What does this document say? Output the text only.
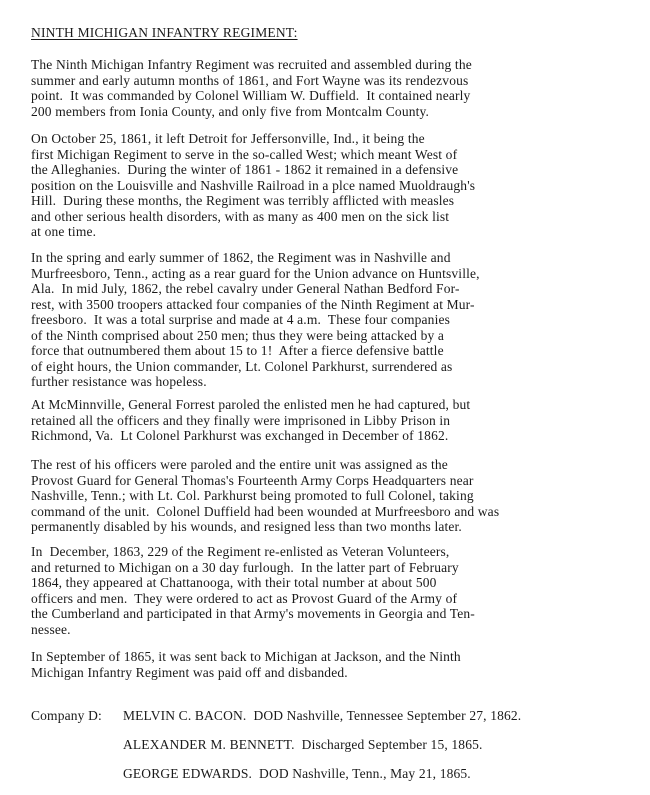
NINTH MICHIGAN INFANTRY REGIMENT:

The Ninth Michigan Infantry Regiment was recruited and assembled during the
summer and early autumn months of 1861, and Fort Wayne was its rendezvous
point.  It was commanded by Colonel William W. Duffield.  It contained nearly
200 members from Ionia County, and only five from Montcalm County.

On October 25, 1861, it left Detroit for Jeffersonville, Ind., it being the
first Michigan Regiment to serve in the so-called West; which meant West of
the Alleghanies.  During the winter of 1861 - 1862 it remained in a defensive
position on the Louisville and Nashville Railroad in a plce named Muoldraugh's
Hill.  During these months, the Regiment was terribly afflicted with measles
and other serious health disorders, with as many as 400 men on the sick list
at one time.

In the spring and early summer of 1862, the Regiment was in Nashville and
Murfreesboro, Tenn., acting as a rear guard for the Union advance on Huntsville,
Ala.  In mid July, 1862, the rebel cavalry under General Nathan Bedford For-
rest, with 3500 troopers attacked four companies of the Ninth Regiment at Mur-
freesboro.  It was a total surprise and made at 4 a.m.  These four companies
of the Ninth comprised about 250 men; thus they were being attacked by a
force that outnumbered them about 15 to 1!  After a fierce defensive battle
of eight hours, the Union commander, Lt. Colonel Parkhurst, surrendered as
further resistance was hopeless.

At McMinnville, General Forrest paroled the enlisted men he had captured, but
retained all the officers and they finally were imprisoned in Libby Prison in
Richmond, Va.  Lt Colonel Parkhurst was exchanged in December of 1862.

The rest of his officers were paroled and the entire unit was assigned as the
Provost Guard for General Thomas's Fourteenth Army Corps Headquarters near
Nashville, Tenn.; with Lt. Col. Parkhurst being promoted to full Colonel, taking
command of the unit.  Colonel Duffield had been wounded at Murfreesboro and was
permanently disabled by his wounds, and resigned less than two months later.

In  December, 1863, 229 of the Regiment re-enlisted as Veteran Volunteers,
and returned to Michigan on a 30 day furlough.  In the latter part of February
1864, they appeared at Chattanooga, with their total number at about 500
officers and men.  They were ordered to act as Provost Guard of the Army of
the Cumberland and participated in that Army's movements in Georgia and Ten-
nessee.

In September of 1865, it was sent back to Michigan at Jackson, and the Ninth
Michigan Infantry Regiment was paid off and disbanded.

Company D: MELVIN C. BACON.  DOD Nashville, Tennessee September 27, 1862.
ALEXANDER M. BENNETT.  Discharged September 15, 1865.
GEORGE EDWARDS.  DOD Nashville, Tenn., May 21, 1865.
